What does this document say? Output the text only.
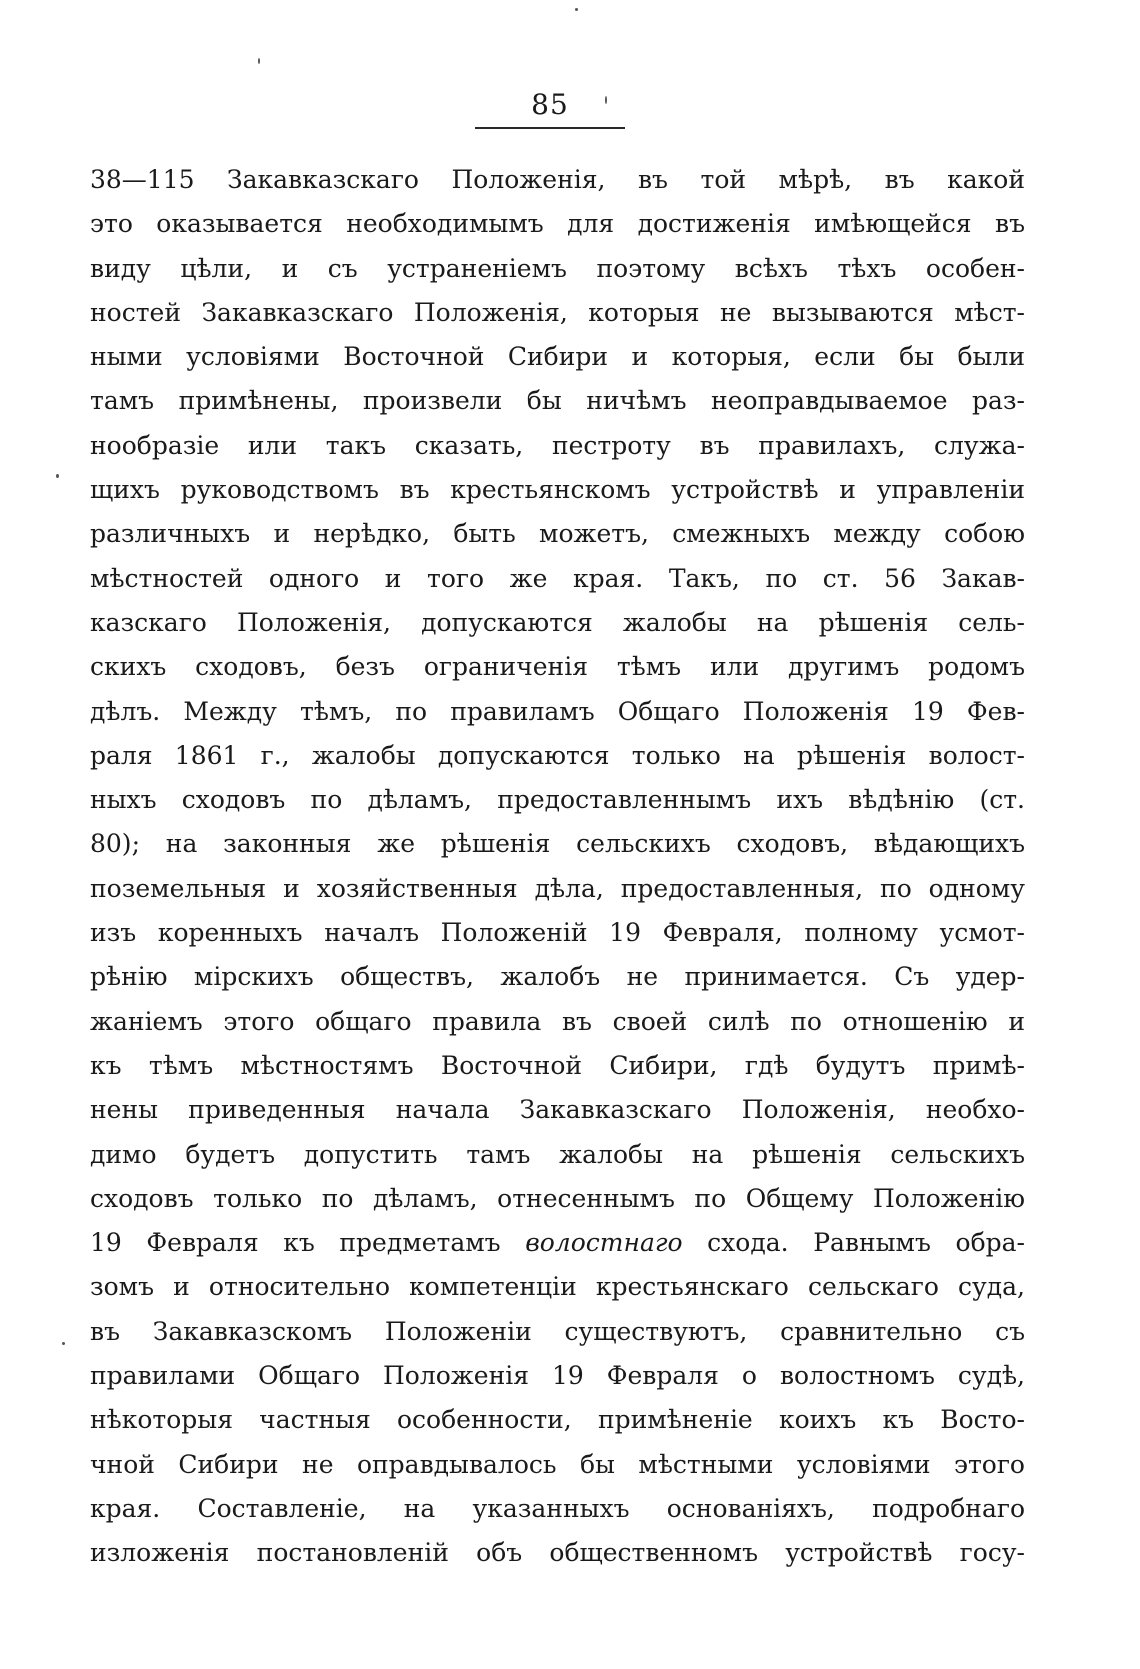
85
38—115 Закавказскаго Положенія, въ той мѣрѣ, въ какой
это оказывается необходимымъ для достиженія имѣющейся въ
виду цѣли, и съ устраненіемъ поэтому всѣхъ тѣхъ особен-
ностей Закавказскаго Положенія, которыя не вызываются мѣст-
ными условіями Восточной Сибири и которыя, если бы были
тамъ примѣнены, произвели бы ничѣмъ неоправдываемое раз-
нообразіе или такъ сказать, пестроту въ правилахъ, служа-
щихъ руководствомъ въ крестьянскомъ устройствѣ и управленіи
различныхъ и нерѣдко, быть можетъ, смежныхъ между собою
мѣстностей одного и того же края. Такъ, по ст. 56 Закав-
казскаго Положенія, допускаются жалобы на рѣшенія сель-
скихъ сходовъ, безъ ограниченія тѣмъ или другимъ родомъ
дѣлъ. Между тѣмъ, по правиламъ Общаго Положенія 19 Фев-
раля 1861 г., жалобы допускаются только на рѣшенія волост-
ныхъ сходовъ по дѣламъ, предоставленнымъ ихъ вѣдѣнію (ст.
80); на законныя же рѣшенія сельскихъ сходовъ, вѣдающихъ
поземельныя и хозяйственныя дѣла, предоставленныя, по одному
изъ коренныхъ началъ Положеній 19 Февраля, полному усмот-
рѣнію мірскихъ обществъ, жалобъ не принимается. Съ удер-
жаніемъ этого общаго правила въ своей силѣ по отношенію и
къ тѣмъ мѣстностямъ Восточной Сибири, гдѣ будутъ примѣ-
нены приведенныя начала Закавказскаго Положенія, необхо-
димо будетъ допустить тамъ жалобы на рѣшенія сельскихъ
сходовъ только по дѣламъ, отнесеннымъ по Общему Положенію
19 Февраля къ предметамъ волостнаго схода. Равнымъ обра-
зомъ и относительно компетенціи крестьянскаго сельскаго суда,
въ Закавказскомъ Положеніи существуютъ, сравнительно съ
правилами Общаго Положенія 19 Февраля о волостномъ судѣ,
нѣкоторыя частныя особенности, примѣненіе коихъ къ Восто-
чной Сибири не оправдывалось бы мѣстными условіями этого
края. Составленіе, на указанныхъ основаніяхъ, подробнаго
изложенія постановленій объ общественномъ устройствѣ госу-
